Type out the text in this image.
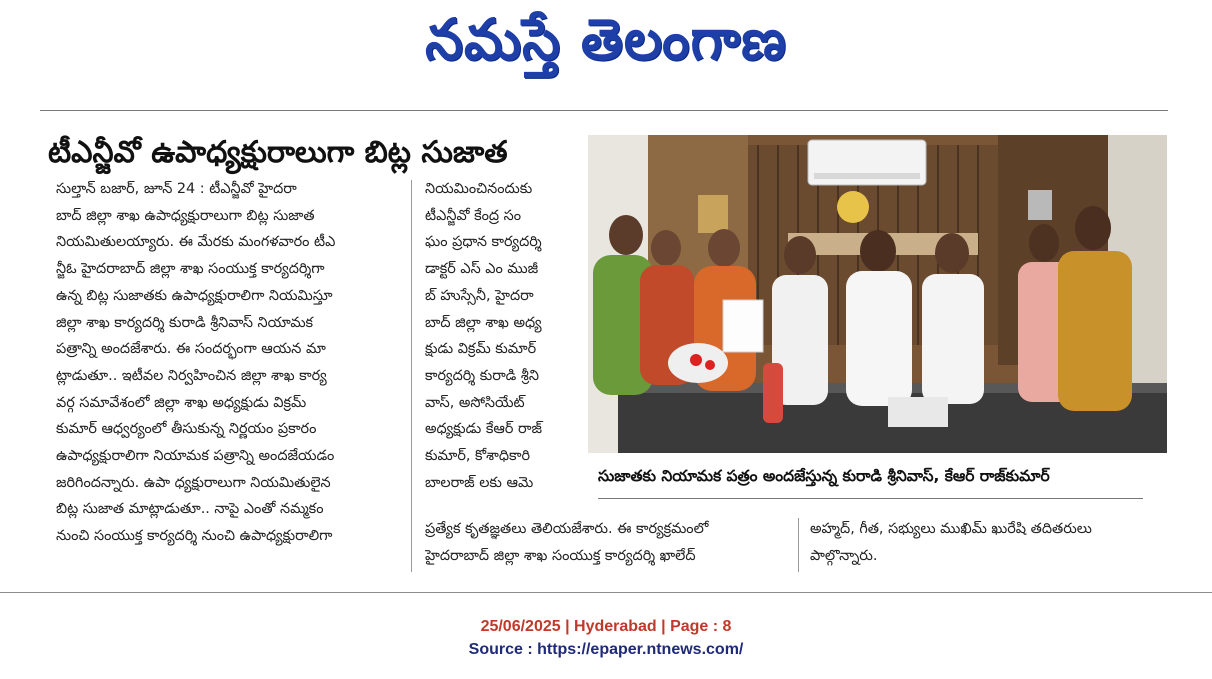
నమస్తే తెలంగాణ
టీఎన్జీవో ఉపాధ్యక్షురాలుగా బిట్ల సుజాత

సుల్తాన్ బజార్, జూన్ 24 : టీఎన్జీవో హైదరా

బాద్ జిల్లా శాఖ ఉపాధ్యక్షురాలుగా బిట్ల సుజాత

నియమితులయ్యారు. ఈ మేరకు మంగళవారం టీఎ

న్జీఓ హైదరాబాద్ జిల్లా శాఖ సంయుక్త కార్యదర్శిగా

ఉన్న బిట్ల సుజాతకు ఉపాధ్యక్షురాలిగా నియమిస్తూ

జిల్లా శాఖ కార్యదర్శి కురాడి శ్రీనివాస్ నియామక

పత్రాన్ని అందజేశారు. ఈ సందర్భంగా ఆయన మా

ట్లాడుతూ.. ఇటీవల నిర్వహించిన జిల్లా శాఖ కార్య

వర్గ సమావేశంలో జిల్లా శాఖ అధ్యక్షుడు విక్రమ్

కుమార్ ఆధ్వర్యంలో తీసుకున్న నిర్ణయం ప్రకారం

ఉపాధ్యక్షురాలిగా నియామక పత్రాన్ని అందజేయడం

జరిగిందన్నారు. ఉపా ధ్యక్షురాలుగా నియమితులైన

బిట్ల సుజాత మాట్లాడుతూ.. నాపై ఎంతో నమ్మకం

నుంచి సంయుక్త కార్యదర్శి నుంచి ఉపాధ్యక్షురాలిగా

నియమించినందుకు

టీఎన్జీవో కేంద్ర సం

ఘం ప్రధాన కార్యదర్శి

డాక్టర్ ఎస్ ఎం ముజీ

బ్ హుస్సేనీ, హైదరా

బాద్ జిల్లా శాఖ అధ్య

క్షుడు విక్రమ్ కుమార్

కార్యదర్శి కురాడి శ్రీని

వాస్, అసోసియేట్

అధ్యక్షుడు కేఆర్ రాజ్

కుమార్, కోశాధికారి

బాలరాజ్ లకు ఆమె

ప్రత్యేక కృతజ్ఞతలు తెలియజేశారు. ఈ కార్యక్రమంలో

హైదరాబాద్ జిల్లా శాఖ సంయుక్త కార్యదర్శి ఖాలేద్

అహ్మద్, గీత, సభ్యులు ముఖిమ్ ఖురేషి తదితరులు

పాల్గొన్నారు.

సుజాతకు నియామక పత్రం అందజేస్తున్న కురాడి శ్రీనివాస్, కేఆర్ రాజ్‌కుమార్
25/06/2025 | Hyderabad | Page : 8
Source : https://epaper.ntnews.com/
